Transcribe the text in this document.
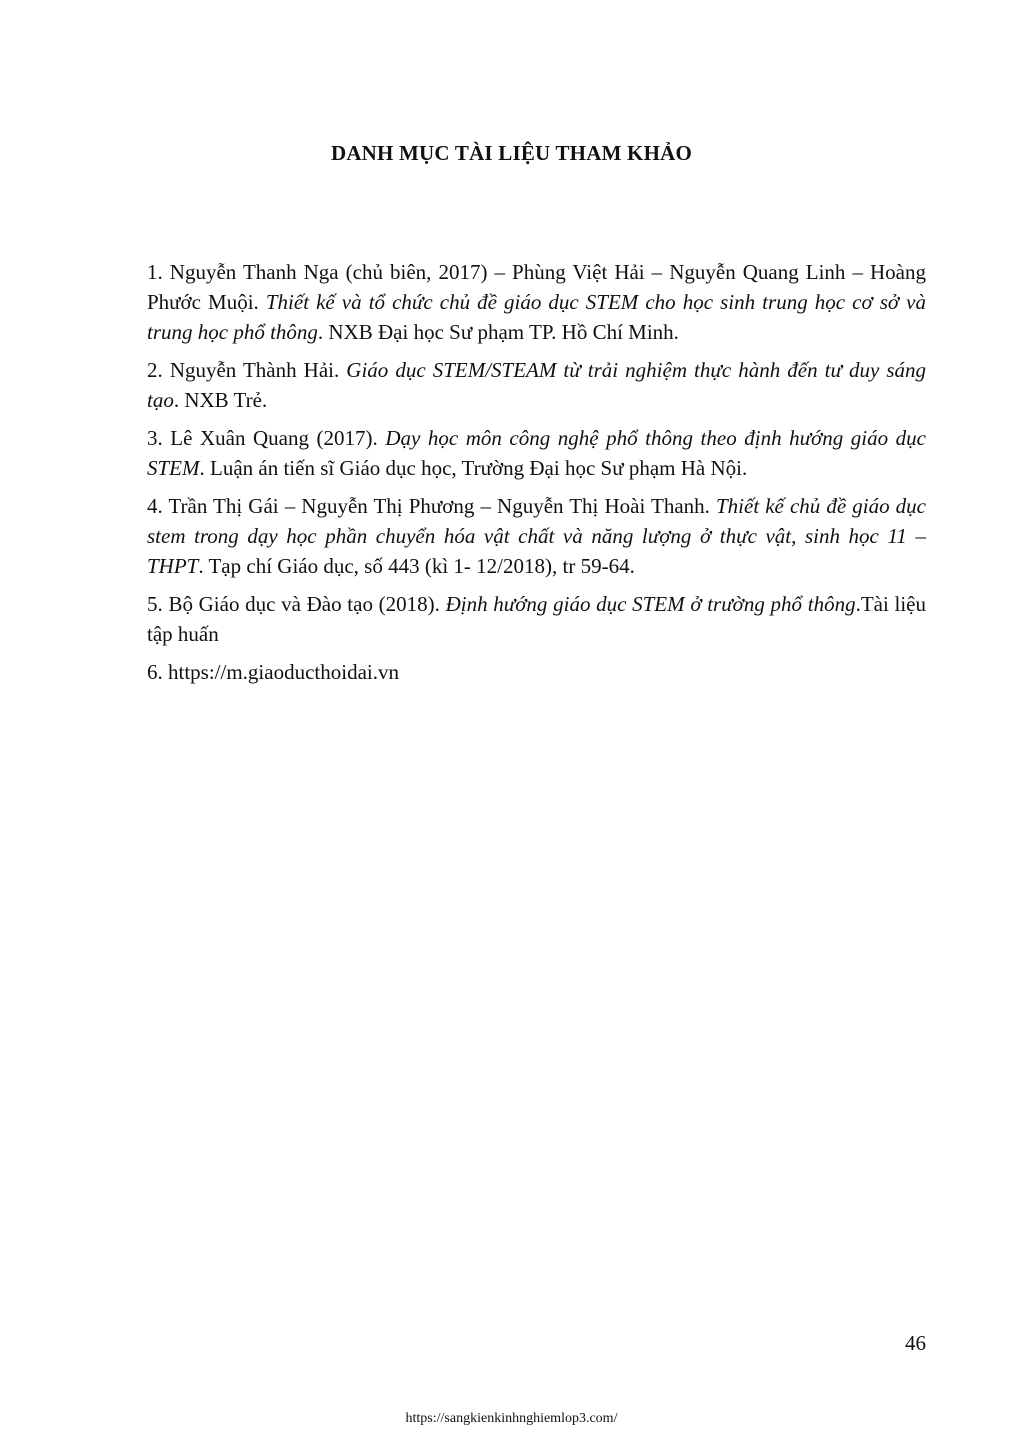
DANH MỤC TÀI LIỆU THAM KHẢO
1. Nguyễn Thanh Nga (chủ biên, 2017) – Phùng Việt Hải – Nguyễn Quang Linh – Hoàng Phước Muội. Thiết kế và tổ chức chủ đề giáo dục STEM cho học sinh trung học cơ sở và trung học phổ thông. NXB Đại học Sư phạm TP. Hồ Chí Minh.
2. Nguyễn Thành Hải. Giáo dục STEM/STEAM từ trải nghiệm thực hành đến tư duy sáng tạo. NXB Trẻ.
3. Lê Xuân Quang (2017). Dạy học môn công nghệ phổ thông theo định hướng giáo dục STEM. Luận án tiến sĩ Giáo dục học, Trường Đại học Sư phạm Hà Nội.
4. Trần Thị Gái – Nguyễn Thị Phương – Nguyễn Thị Hoài Thanh. Thiết kế chủ đề giáo dục stem trong dạy học phần chuyển hóa vật chất và năng lượng ở thực vật, sinh học 11 – THPT. Tạp chí Giáo dục, số 443 (kì 1- 12/2018), tr 59-64.
5. Bộ Giáo dục và Đào tạo (2018). Định hướng giáo dục STEM ở trường phổ thông.Tài liệu tập huấn
6. https://m.giaoducthoidai.vn
46
https://sangkienkinhnghiemlop3.com/
